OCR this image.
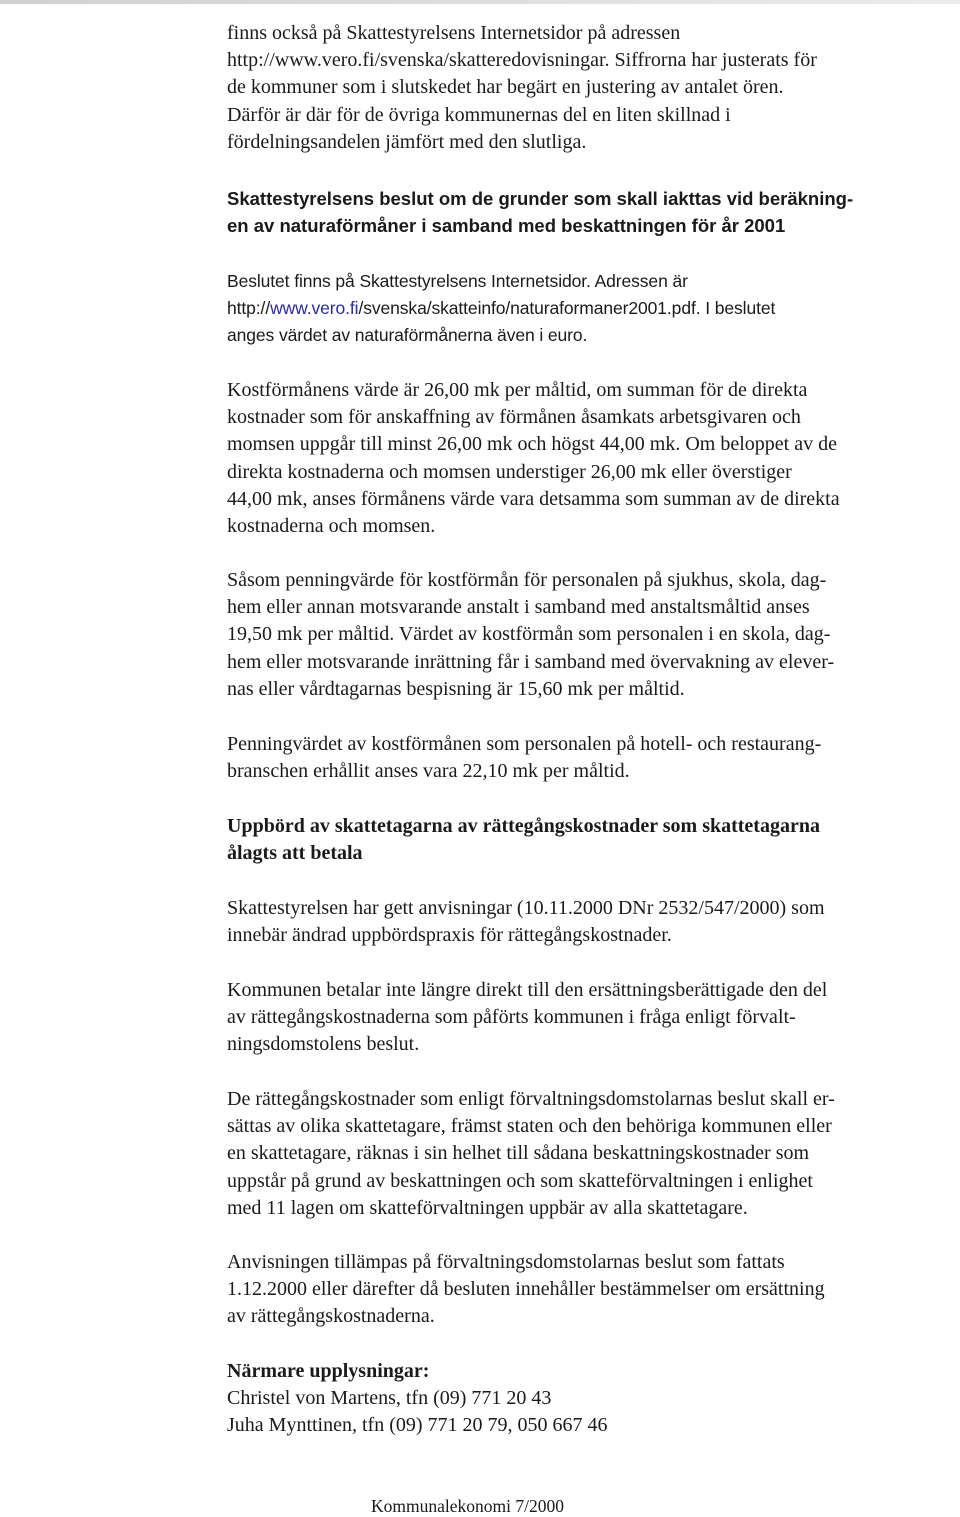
finns också på Skattestyrelsens Internetsidor på adressen
http://www.vero.fi/svenska/skatteredovisningar. Siffrorna har justerats för
de kommuner som i slutskedet har begärt en justering av antalet ören.
Därför är där för de övriga kommunernas del en liten skillnad i
fördelningsandelen jämfört med den slutliga.
Skattestyrelsens beslut om de grunder som skall iakttas vid beräkning-
en av naturaförmåner i samband med beskattningen för år 2001
Beslutet finns på Skattestyrelsens Internetsidor. Adressen är
http://www.vero.fi/svenska/skatteinfo/naturaformaner2001.pdf. I beslutet
anges värdet av naturaförmånerna även i euro.
Kostförmånens värde är 26,00 mk per måltid, om summan för de direkta
kostnader som för anskaffning av förmånen åsamkats arbetsgivaren och
momsen uppgår till minst 26,00 mk och högst 44,00 mk. Om beloppet av de
direkta kostnaderna och momsen understiger 26,00 mk eller överstiger
44,00 mk, anses förmånens värde vara detsamma som summan av de direkta
kostnaderna och momsen.
Såsom penningvärde för kostförmån för personalen på sjukhus, skola, dag-
hem eller annan motsvarande anstalt i samband med anstaltsmåltid anses
19,50 mk per måltid. Värdet av kostförmån som personalen i en skola, dag-
hem eller motsvarande inrättning får i samband med övervakning av elever-
nas eller vårdtagarnas bespisning är 15,60 mk per måltid.
Penningvärdet av kostförmånen som personalen på hotell- och restaurang-
branschen erhållit anses vara 22,10 mk per måltid.
Uppbörd av skattetagarna av rättegångskostnader som skattetagarna
ålagts att betala
Skattestyrelsen har gett anvisningar (10.11.2000 DNr 2532/547/2000) som
innebär ändrad uppbördspraxis för rättegångskostnader.
Kommunen betalar inte längre direkt till den ersättningsberättigade den del
av rättegångskostnaderna som påförts kommunen i fråga enligt förvalt-
ningsdomstolens beslut.
De rättegångskostnader som enligt förvaltningsdomstolarnas beslut skall er-
sättas av olika skattetagare, främst staten och den behöriga kommunen eller
en skattetagare, räknas i sin helhet till sådana beskattningskostnader som
uppstår på grund av beskattningen och som skatteförvaltningen i enlighet
med 11 lagen om skatteförvaltningen uppbär av alla skattetagare.
Anvisningen tillämpas på förvaltningsdomstolarnas beslut som fattats
1.12.2000 eller därefter då besluten innehåller bestämmelser om ersättning
av rättegångskostnaderna.
Närmare upplysningar:
Christel von Martens, tfn (09) 771 20 43
Juha Mynttinen, tfn (09) 771 20 79, 050 667 46
Kommunalekonomi 7/2000
